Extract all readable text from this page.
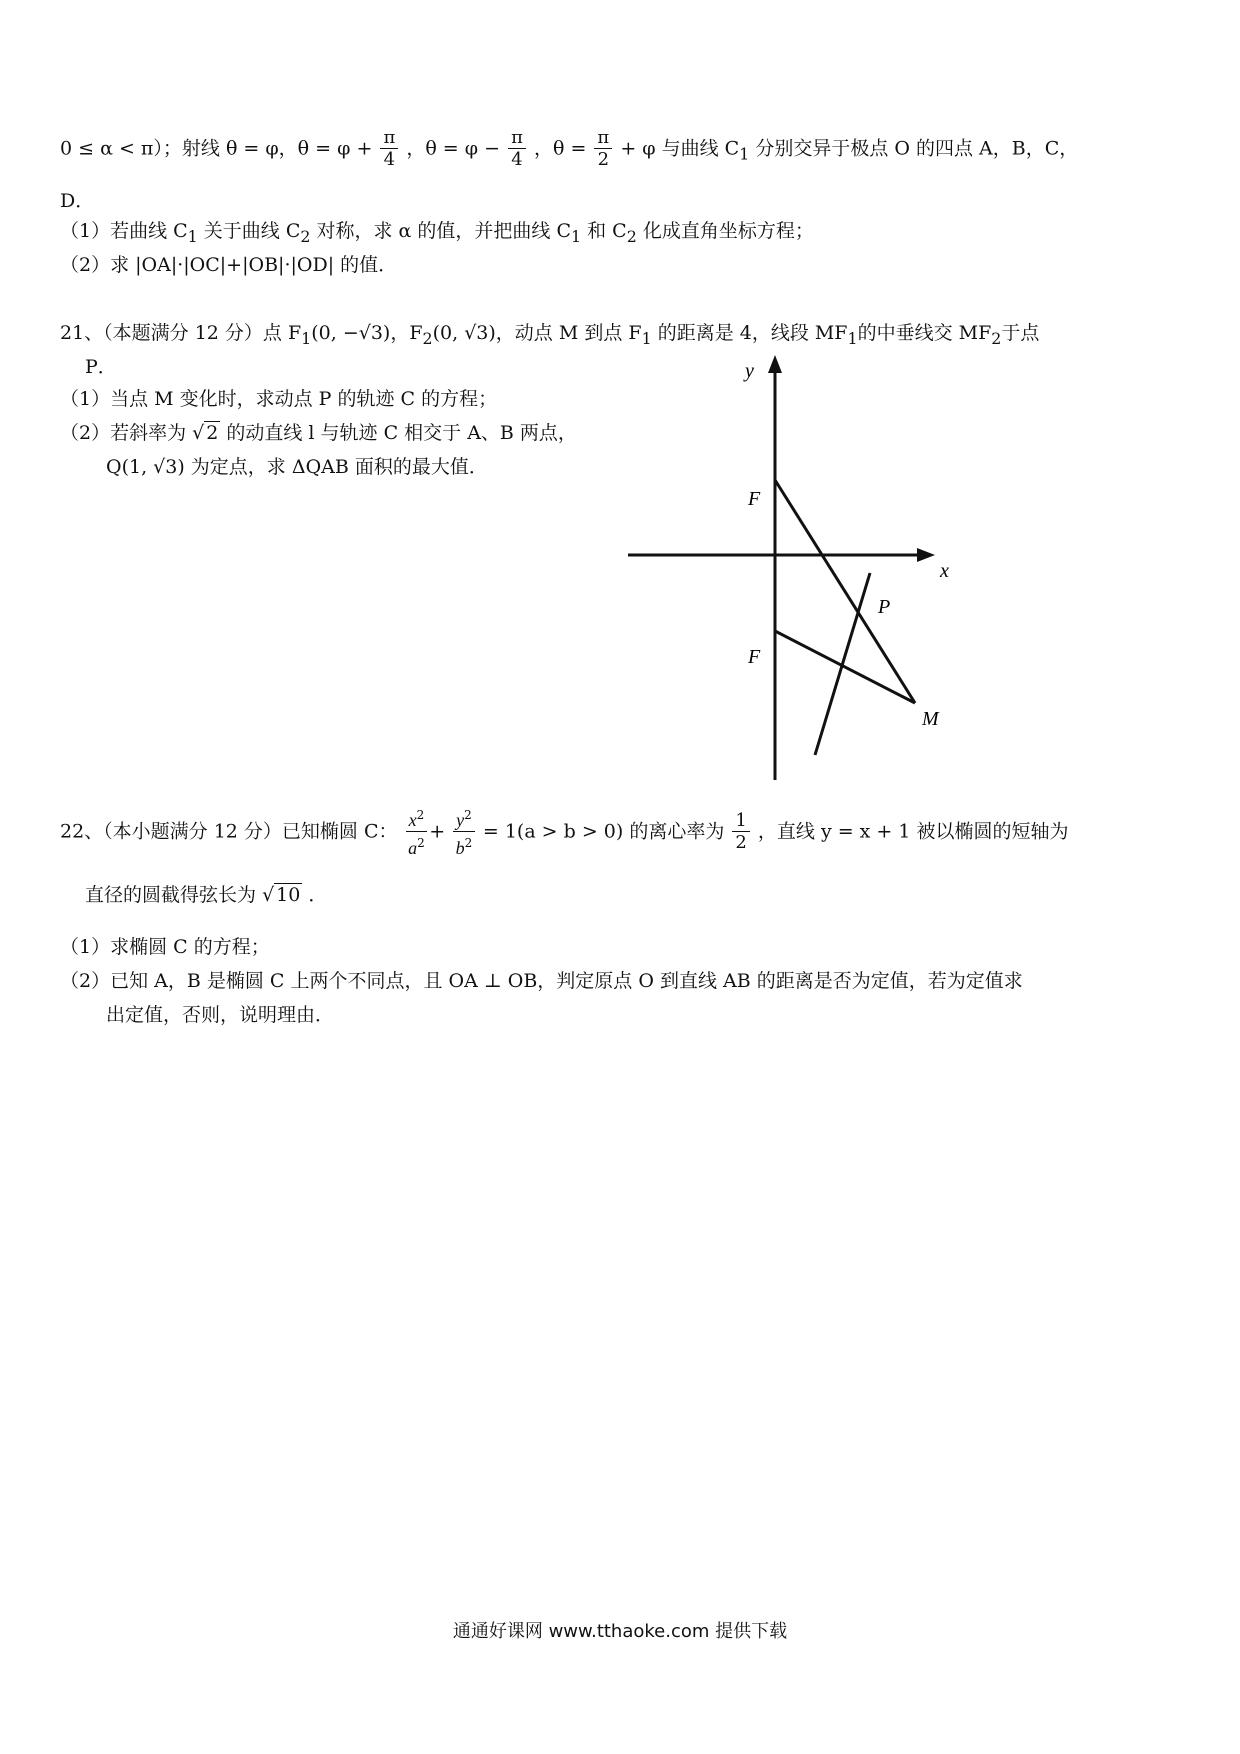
0 ≤ α < π）；射线 θ = φ，$\theta = \varphi + \frac{\pi}{4}$ ，$\theta = \varphi - \frac{\pi}{4}$ ，$\theta = \frac{\pi}{2} + \varphi$ 与曲线 $C_1$ 分别交异于极点 O 的四点 A，B，C，
D．
（1）若曲线 $C_1$ 关于曲线 $C_2$ 对称，求 α 的值，并把曲线 $C_1$ 和 $C_2$ 化成直角坐标方程；
（2）求 |OA|·|OC|+|OB|·|OD| 的值．
21、（本题满分 12 分）点 $F_1(0$, −√3)，$F_2(0$, √3)，动点 M 到点 $F_1$ 的距离是 4，线段 $MF_1$的中垂线交 $MF_2$于点
P．
（1）当点 M 变化时，求动点 P 的轨迹 C 的方程；
（2）若斜率为 √ 2 的动直线 l 与轨迹 C 相交于 A、B 两点，
Q(1, √3) 为定点，求 ΔQAB 面积的最大值．
y
x
F
F
P
M
22、（本小题满分 12 分）已知椭圆 C： $\frac{x^2}{a^2} + \frac{y^2}{b^2} = 1(a > b > 0)$ 的离心率为 $\frac{1}{2}$ ，直线 y = x + 1 被以椭圆的短轴为
直径的圆截得弦长为 √ 10 ．
（1）求椭圆 C 的方程；
（2）已知 A，B 是椭圆 C 上两个不同点，且 OA ⊥ OB，判定原点 O 到直线 AB 的距离是否为定值，若为定值求
出定值，否则，说明理由．
通通好课网 www.tthaoke.com 提供下载
